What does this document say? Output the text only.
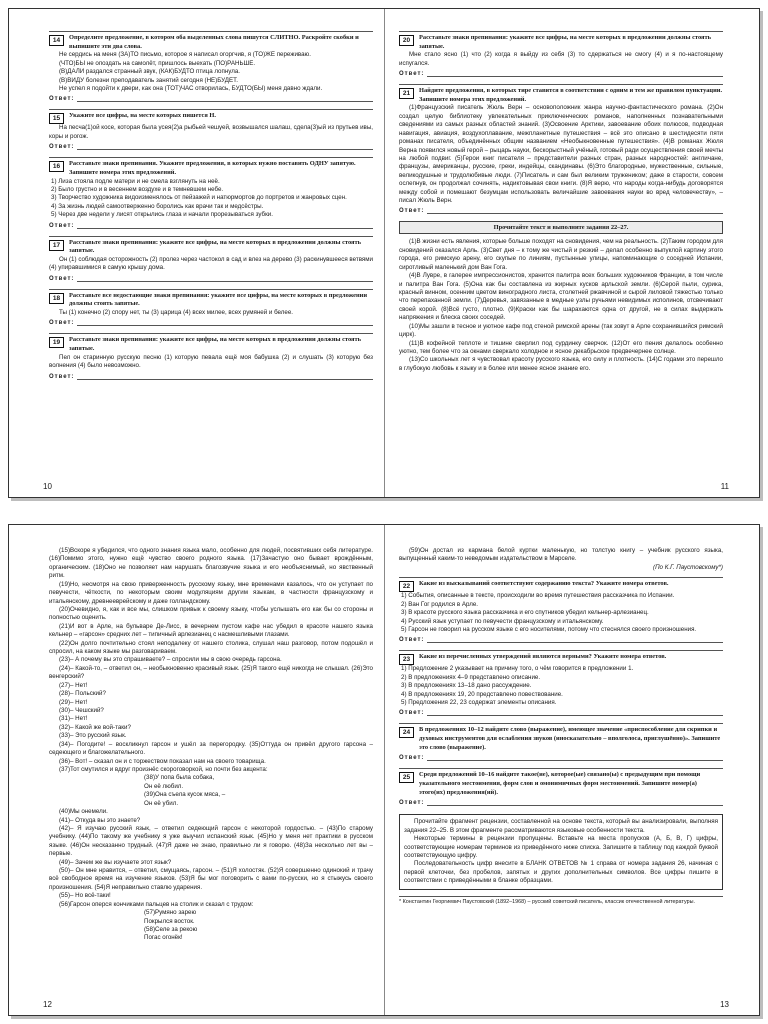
14	Определите предложение, в котором оба выделенных слова пишутся СЛИТНО. Раскройте скобки и выпишите эти два слова.
Не сердись на меня (ЗА)ТО письмо, которое я написал огоргчив, я (ТО)ЖЕ переживаю.
(ЧТО)БЫ не опоздать на самолёт, пришлось выехать (ПО)РАНЬШЕ.
(В)ДАЛИ раздался странный звук, (КАК)БУДТО птица лопнула.
(В)ВИДУ болезни преподаватель занятий сегодня (НЕ)БУДЕТ.
Не успел я подойти к двери, как она (ТОТ)ЧАС отворилась, БУДТО(БЫ) меня давно ждали.
Ответ:
15	Укажите все цифры, на месте которых пишется Н.
На песча(1)ой косе, которая была усея(2)а рыбьей чешуей, возвышался шалаш, сдела(3)ый из прутьев ивы, коры и рогож.
Ответ:
16	Расставьте знаки препинания. Укажите предложения, в которых нужно поставить ОДНУ запятую. Запишите номера этих предложений.
1) Лиза стояла подле матери и не смела взглянуть на неё.
2) Было грустно и в весеннем воздухе и в темневшем небе.
3) Творчество художника видоизменялось от пейзажей и натюрмортов до портретов и жанровых сцен.
4) За жизнь людей самоотверженно боролись как врачи так и медсёстры.
5) Через две недели у лисят открылись глаза и начали прорезываться зубки.
Ответ:
17	Расставьте знаки препинания: укажите все цифры, на месте которых в предложении должны стоять запятые.
Он (1) соблюдая осторожность (2) пролез через частокол в сад и влез на дерево (3) раскинувшееся ветвями (4) упиравшимися в самую крышу дома.
Ответ:
18	Расставьте все недостающие знаки препинания: укажите все цифры, на месте которых в предложении должны стоять запятые.
Ты (1) конечно (2) спору нет, ты (3) царица (4) всех милее, всех румяней и белее.
Ответ:
19	Расставьте знаки препинания: укажите все цифры, на месте которых в предложении должны стоять запятые.
Пел он старинную русскую песню (1) которую певала ещё моя бабушка (2) и слушать (3) которую без волнения (4) было невозможно.
Ответ:
10
20	Расставьте знаки препинания: укажите все цифры, на месте которых в предложении должны стоять запятые.
Мне стало ясно (1) что (2) когда я выйду из себя (3) то сдержаться не смогу (4) и я по-настоящему испугался.
Ответ:
21	Найдите предложения, в которых тире ставится в соответствии с одним и тем же правилом пунктуации. Запишите номера этих предложений.
(1)Французский писатель Жюль Верн – основоположник жанра научно-фантастического романа. (2)Он создал целую библиотеку увлекательных приключенческих романов, наполненных познавательными сведениями из самых разных областей знаний. (3)Освоение Арктики, завоевание обоих полюсов, подводная навигация, авиация, воздухоплавание, межпланетные путешествия – всё это описано в шестидесяти пяти романах писателя, объединённых общим названием «Необыкновенные путешествия». (4)В романах Жюля Верна появился новый герой – рыцарь науки, бескорыстный учёный, готовый ради осуществления своей мечты на любой подвиг. (5)Герои книг писателя – представители разных стран, разных народностей: англичане, французы, американцы, русские, греки, индейцы, скандинавы. (6)Это благородные, мужественные, сильные, великодушные и трудолюбивые люди. (7)Писатель и сам был великим тружеником; даже в старости, совсем ослепнув, он продолжал сочинять, надиктовывая свои книги. (8)Я верю, что народы когда-нибудь договорятся между собой и помешают безумцам использовать величайшие завоевания науки во вред человечеству», – писал Жюль Верн.
Ответ:
Прочитайте текст и выполните задания 22–27.
(1)В жизни есть явления, которые больше походят на сновидения, чем на реальность. (2)Таким городом для сновидений оказался Арль. (3)Свет дня – к тому же чистый и резкий – делал особенно выпуклой картину этого города, его римскую арену, его скупые по линиям, пустынные улицы, напоминающие о соседней Испании, сиротливый маленький дом Ван Гога.
(4)В Лувре, в галерее импрессионистов, хранится палитра всех больших художников Франции, в том числе и палитра Ван Гога. (5)Она как бы составлена из жирных кусков арльской земли. (6)Серой пыли, сурика, красный винном, осенним цветом виноградного листа, столетней ржавчиной и сырой лиловой тяжестью только что перепаханной земли. (7)Деревья, завязанные в медные узлы ручьями невидимых исполинов, отсвечивают своей корой. (8)Всё густо, плотно. (9)Краски как бы шарахаются одна от другой, не в силах выдержать напряжения и блеска своих соседей.
(10)Мы зашли в тесное и уютное кафе под стеной римской арены (так зовут в Арле сохранившийся римский цирк).
(11)В кофейной теплоте и тишине сверлил под сурдинку сверчок. (12)От его пения делалось особенно уютно, тем более что за окнами сверкало холодное и ясное декабрьское предвечернее солнце.
(13)Со школьных лет я чувствовал красоту русского языка, его силу и плотность. (14)С годами это перешло в глубокую любовь к языку и в более или менее ясное знание его.
11
(15)Вскоре я убедился, что одного знания языка мало, особенно для людей, посвятивших себя литературе. (16)Помимо этого, нужно ещё чувство своего родного языка. (17)Зачастую оно бывает врождённым, органическим. (18)Оно не позволяет нам нарушать благозвучие языка и его необъяснимый, но явственный ритм.
(19)Но, несмотря на свою приверженность русскому языку, мне временами казалось, что он уступает по певучести, чёткости, по некоторым своим модуляциям другим языкам, в частности французскому и итальянскому, древнееврейскому и даже голландскому.
(20)Очевидно, я, как и все мы, слишком привык к своему языку, чтобы услышать его как бы со стороны и полностью оценить.
(21)И вот в Арле, на бульваре Де-Лисс, в вечернем пустом кафе нас убедил в красоте нашего языка кельнер – «гарсон» средних лет – типичный арлезианец с насмешливыми глазами.
(22)Он долго почтительно стоял неподалеку от нашего столика, слушал наш разговор, потом подошёл и спросил, на каком языке мы разговариваем.
(23)– А почему вы это спрашиваете? – спросили мы в свою очередь гарсона.
(24)– Какой-то, – ответил он, – необыкновенно красивый язык. (25)Я такого ещё никогда не слышал. (26)Это венгерский?
(27)– Нет!
(28)– Польский?
(29)– Нет!
(30)– Чешский?
(31)– Нет!
(32)– Какой же вой-таки?
(33)– Это русский язык.
(34)– Погодите! – воскликнул гарсон и ушёл за перегородку. (35)Оттуда он привёл другого гарсона – седеющего и благожелательного.
(36)– Вот! – сказал он и с торжеством показал нам на своего товарища.
(37)Тот смутился и вдруг произнёс скороговоркой, но почти без акцента:
(38)У попа была собака,
Он её любил.
(39)Она съела кусок мяса, –
Он её убил.
(40)Мы онемели.
(41)– Откуда вы это знаете?
(42)– Я изучаю русский язык, – ответил седеющий гарсон с некоторой гордостью. – (43)По старому учебнику. (44)По такому же учебнику я уже выучил испанский язык. (45)Но у меня нет практики в русском языке. (46)Он несказанно трудный. (47)Я даже не знаю, правильно ли я говорю. (48)За несколько лет вы – первые.
(49)– Зачем же вы изучаете этот язык?
(50)– Он мне нравится, – ответил, смущаясь, гарсон. – (51)Я холостяк. (52)Я совершенно одинокий и трачу всё свободное время на изучение языков. (53)Я бы мог поговорить с вами по-русски, но я стыжусь своего произношения. (54)Я неправильно ставлю ударения.
(55)– Но всё-таки!
(56)Гарсон оперся кончиками пальцев на столик и сказал с трудом:
(57)Румяно зарею
Покрылся восток.
(58)Селе за рекою
Погас огонёк!
12
(59)Он достал из кармана белой куртки маленькую, но толстую книгу – учебник русского языка, выпущенный каким-то неведомым издательством в Марселе.
(По К.Г. Паустовскому*)
22	Какие из высказываний соответствуют содержанию текста? Укажите номера ответов.
1) События, описанные в тексте, происходили во время путешествия рассказчика по Испании.
2) Ван Гог родился в Арле.
3) В красоте русского языка рассказчика и его спутников убедил кельнер-арлезианец.
4) Русский язык уступает по певучести французскому и итальянскому.
5) Гарсон не говорил на русском языке с его носителями, потому что стеснялся своего произношения.
Ответ:
23	Какие из перечисленных утверждений являются верными? Укажите номера ответов.
1) Предложение 2 указывает на причину того, о чём говорится в предложении 1.
2) В предложениях 4–9 представлено описание.
3) В предложениях 13–18 дано рассуждение.
4) В предложениях 19, 20 представлено повествование.
5) Предложения 22, 23 содержат элементы описания.
Ответ:
24	В предложениях 10–12 найдите слово (выражение), имеющее значение «приспособление для скрипки и духовых инструментов для ослабления звуков (иносказательно – вполголоса, приглушённо)». Запишите это слово (выражение).
Ответ:
25	Среди предложений 10–16 найдите такое(ие), которое(ые) связано(ы) с предыдущим при помощи указательного местоимения, форм слов и омонимичных форм местоимений. Запишите номер(а) этого(их) предложения(ий).
Ответ:
Прочитайте фрагмент рецензии, составленной на основе текста, который вы анализировали, выполняя задания 22–25. В этом фрагменте рассматриваются языковые особенности текста.
Некоторые термины в рецензии пропущены. Вставьте на места пропусков (А, Б, В, Г) цифры, соответствующие номерам терминов из приведённого ниже списка. Запишите в таблицу под каждой буквой соответствующую цифру.
Последовательность цифр внесите в БЛАНК ОТВЕТОВ № 1 справа от номера задания 26, начиная с первой клеточки, без пробелов, запятых и других дополнительных символов. Все цифры пишите в соответствии с приведёнными в бланке образцами.
* Константин Георгиевич Паустовский (1892–1968) – русский советский писатель, классик отечественной литературы.
13
